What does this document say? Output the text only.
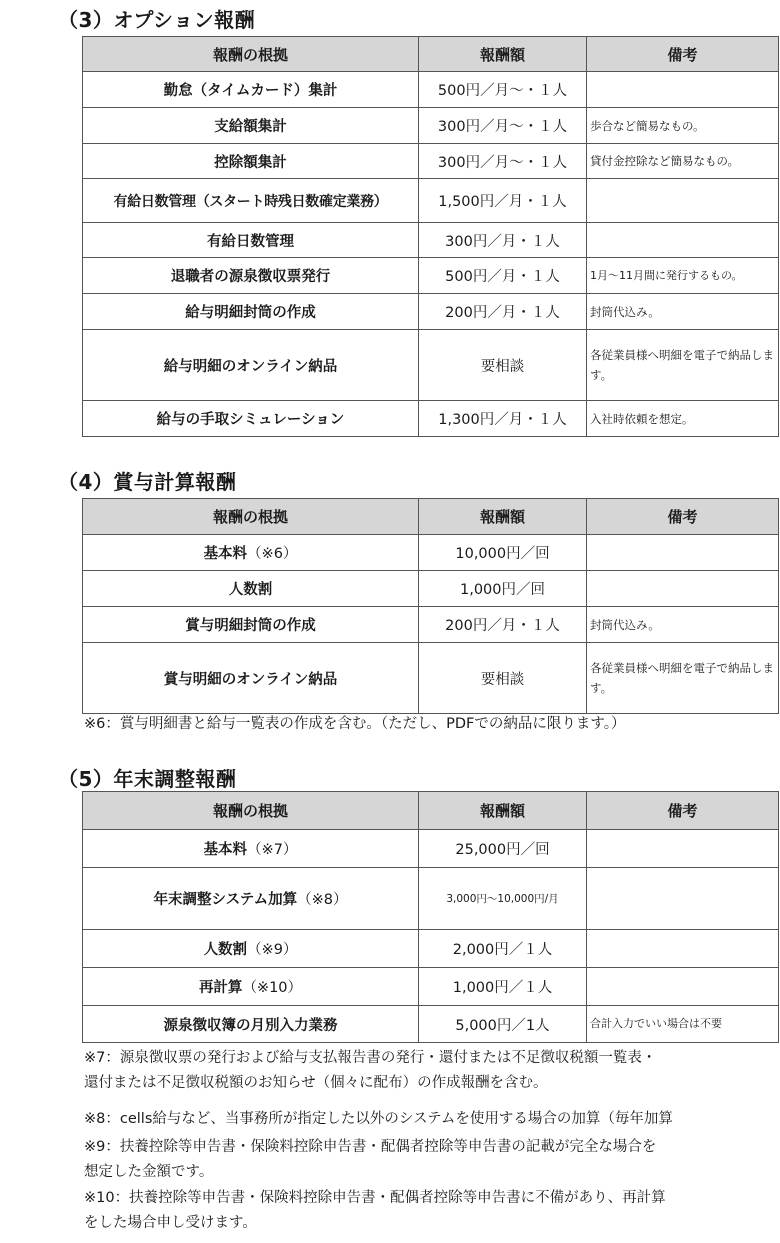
（3）オプション報酬
報酬の根拠	報酬額	備考
勤怠（タイムカード）集計	500円／月～・１人	
支給額集計	300円／月～・１人	歩合など簡易なもの。
控除額集計	300円／月～・１人	貸付金控除など簡易なもの。
有給日数管理（スタート時残日数確定業務）	1,500円／月・１人	
有給日数管理	300円／月・１人	
退職者の源泉徴収票発行	500円／月・１人	1月～11月間に発行するもの。
給与明細封筒の作成	200円／月・１人	封筒代込み。
給与明細のオンライン納品	要相談	各従業員様へ明細を電子で納品します。
給与の手取シミュレーション	1,300円／月・１人	入社時依頼を想定。
（4）賞与計算報酬
報酬の根拠	報酬額	備考
基本料（※6）	10,000円／回	
人数割	1,000円／回	
賞与明細封筒の作成	200円／月・１人	封筒代込み。
賞与明細のオンライン納品	要相談	各従業員様へ明細を電子で納品します。
※6：賞与明細書と給与一覧表の作成を含む。（ただし、PDFでの納品に限ります。）
（5）年末調整報酬
報酬の根拠	報酬額	備考
基本料（※7）	25,000円／回	
年末調整システム加算（※8）	3,000円～10,000円/月	
人数割（※9）	2,000円／１人	
再計算（※10）	1,000円／１人	
源泉徴収簿の月別入力業務	5,000円／1人	合計入力でいい場合は不要
※7：源泉徴収票の発行および給与支払報告書の発行・還付または不足徴収税額一覧表・
還付または不足徴収税額のお知らせ（個々に配布）の作成報酬を含む。
※8：cells給与など、当事務所が指定した以外のシステムを使用する場合の加算（毎年加算
※9：扶養控除等申告書・保険料控除申告書・配偶者控除等申告書の記載が完全な場合を
想定した金額です。
※10：扶養控除等申告書・保険料控除申告書・配偶者控除等申告書に不備があり、再計算
をした場合申し受けます。
